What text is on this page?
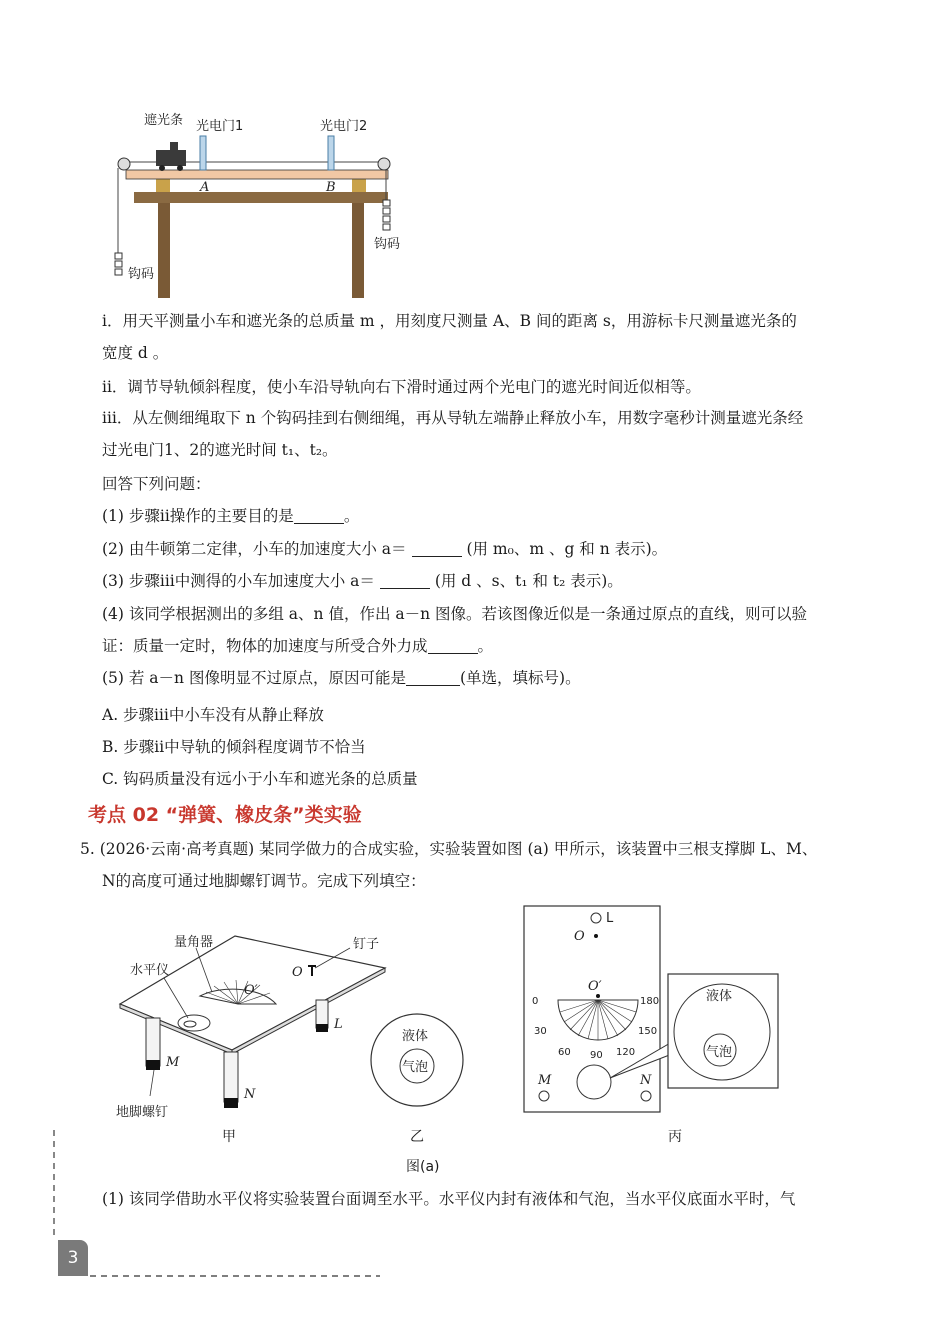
遮光条 光电门1	光电门2
A	B
钩码
钩码
ⅰ．用天平测量小车和遮光条的总质量 m ，用刻度尺测量 A、B 间的距离 s，用游标卡尺测量遮光条的
宽度 d 。
ⅱ．调节导轨倾斜程度，使小车沿导轨向右下滑时通过两个光电门的遮光时间近似相等。
ⅲ．从左侧细绳取下 n 个钩码挂到右侧细绳，再从导轨左端静止释放小车，用数字毫秒计测量遮光条经
过光电门1、2的遮光时间 t₁、t₂。
回答下列问题：
(1) 步骤ⅱ操作的主要目的是	。
(2) 由牛顿第二定律，小车的加速度大小 a＝	(用 m₀、m 、g 和 n 表示)。
(3) 步骤ⅲ中测得的小车加速度大小 a＝	(用 d 、s、t₁ 和 t₂ 表示)。
(4) 该同学根据测出的多组 a、n 值，作出 a－n 图像。若该图像近似是一条通过原点的直线，则可以验
证：质量一定时，物体的加速度与所受合外力成	。
(5) 若 a－n 图像明显不过原点，原因可能是	(单选，填标号)。
A. 步骤ⅲ中小车没有从静止释放
B. 步骤ⅱ中导轨的倾斜程度调节不恰当
C. 钩码质量没有远小于小车和遮光条的总质量
考点 02 “弹簧、橡皮条”类实验
5. (2026·云南·高考真题) 某同学做力的合成实验，实验装置如图 (a) 甲所示，该装置中三根支撑脚 L、M、
N的高度可通过地脚螺钉调节。完成下列填空：
量角器
水平仪
钉子
O
O′
L
M
N
地脚螺钉
液体
气泡
L
O
O′
0
30
60 90 120
150
180
M	N
液体
气泡
甲	乙	丙
图(a)
(1) 该同学借助水平仪将实验装置台面调至水平。水平仪内封有液体和气泡，当水平仪底面水平时，气
3
